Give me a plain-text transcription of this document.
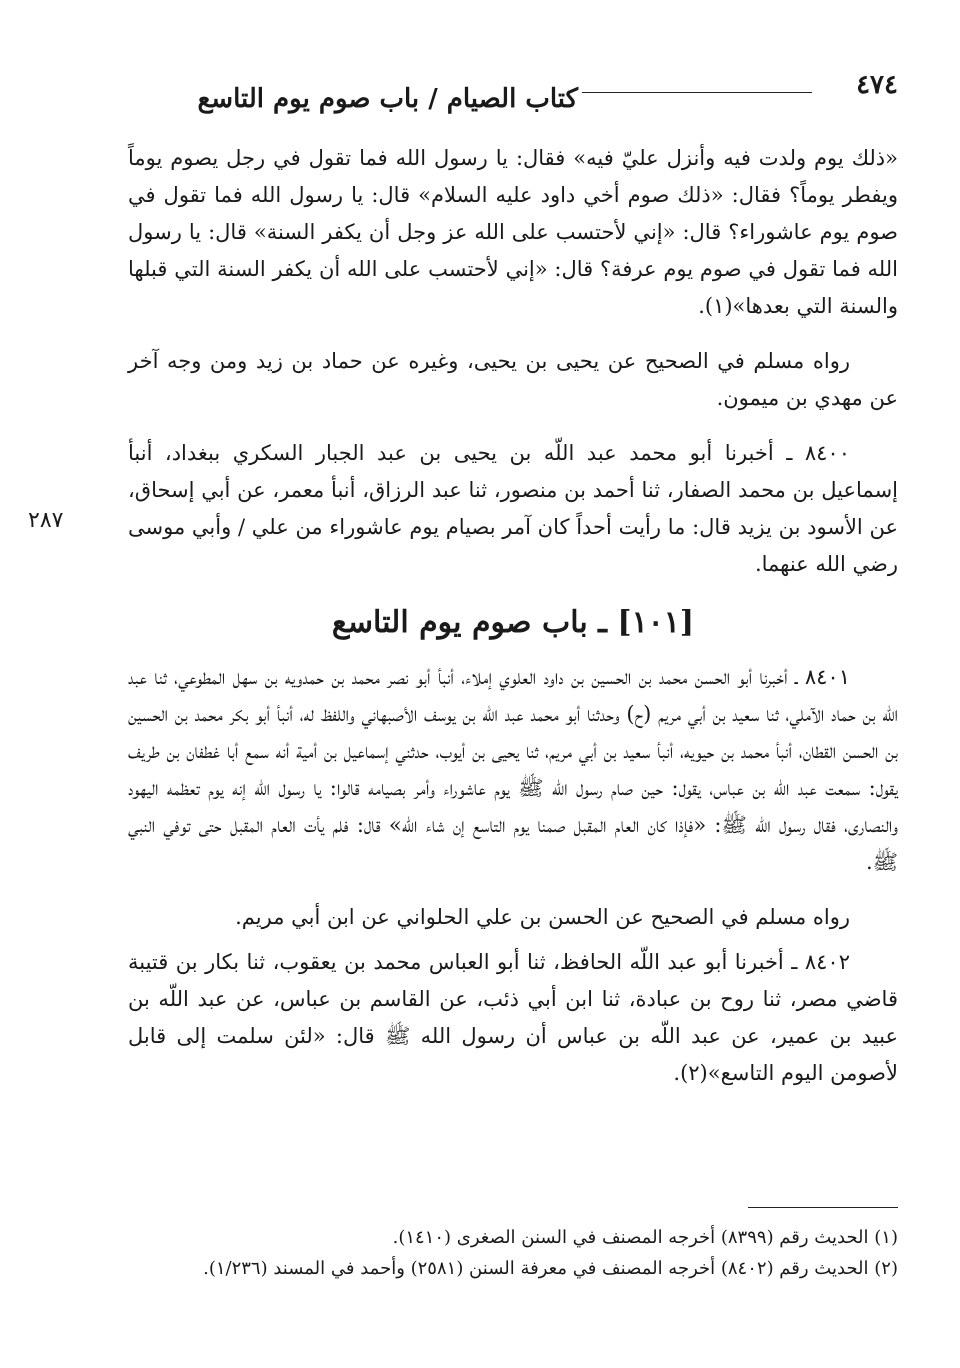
٤٧٤
كتاب الصيام / باب صوم يوم التاسع

«ذلك يوم ولدت فيه وأنزل عليّ فيه» فقال: يا رسول الله فما تقول في رجل يصوم يوماً ويفطر يوماً؟ فقال: «ذلك صوم أخي داود عليه السلام» قال: يا رسول الله فما تقول في صوم يوم عاشوراء؟ قال: «إني لأحتسب على الله عز وجل أن يكفر السنة» قال: يا رسول الله فما تقول في صوم يوم عرفة؟ قال: «إني لأحتسب على الله أن يكفر السنة التي قبلها والسنة التي بعدها»(١).

رواه مسلم في الصحيح عن يحيى بن يحيى، وغيره عن حماد بن زيد ومن وجه آخر عن مهدي بن ميمون.

٨٤٠٠ ـ أخبرنا أبو محمد عبد اللّه بن يحيى بن عبد الجبار السكري ببغداد، أنبأ إسماعيل بن محمد الصفار، ثنا أحمد بن منصور، ثنا عبد الرزاق، أنبأ معمر، عن أبي إسحاق، عن الأسود بن يزيد قال: ما رأيت أحداً كان آمر بصيام يوم عاشوراء من علي / وأبي موسى رضي الله عنهما.

[١٠١] ـ باب صوم يوم التاسع

٨٤٠١ ـ أخبرنا أبو الحسن محمد بن الحسين بن داود العلوي إملاء، أنبأ أبو نصر محمد بن حمدويه بن سهل المطوعي، ثنا عبد اللّه بن حماد الآملي، ثنا سعيد بن أبي مريم (ح) وحدثنا أبو محمد عبد اللّه بن يوسف الأصبهاني واللفظ له، أنبأ أبو بكر محمد بن الحسين بن الحسن القطان، أنبأ محمد بن حيويه، أنبأ سعيد بن أبي مريم، ثنا يحيى بن أيوب، حدثني إسماعيل بن أمية أنه سمع أبا غطفان بن طريف يقول: سمعت عبد اللّه بن عباس، يقول: حين صام رسول الله ﷺ يوم عاشوراء وأمر بصيامه قالوا: يا رسول الله إنه يوم تعظمه اليهود والنصارى، فقال رسول الله ﷺ: «فإذا كان العام المقبل صمنا يوم التاسع إن شاء الله» قال: فلم يأت العام المقبل حتى توفي النبي ﷺ.

رواه مسلم في الصحيح عن الحسن بن علي الحلواني عن ابن أبي مريم.

٨٤٠٢ ـ أخبرنا أبو عبد اللّه الحافظ، ثنا أبو العباس محمد بن يعقوب، ثنا بكار بن قتيبة قاضي مصر، ثنا روح بن عبادة، ثنا ابن أبي ذئب، عن القاسم بن عباس، عن عبد اللّه بن عبيد بن عمير، عن عبد اللّه بن عباس أن رسول الله ﷺ قال: «لئن سلمت إلى قابل لأصومن اليوم التاسع»(٢).

٢٨٧

(١) الحديث رقم (٨٣٩٩) أخرجه المصنف في السنن الصغرى (١٤١٠).

(٢) الحديث رقم (٨٤٠٢) أخرجه المصنف في معرفة السنن (٢٥٨١) وأحمد في المسند (١/٢٣٦).
